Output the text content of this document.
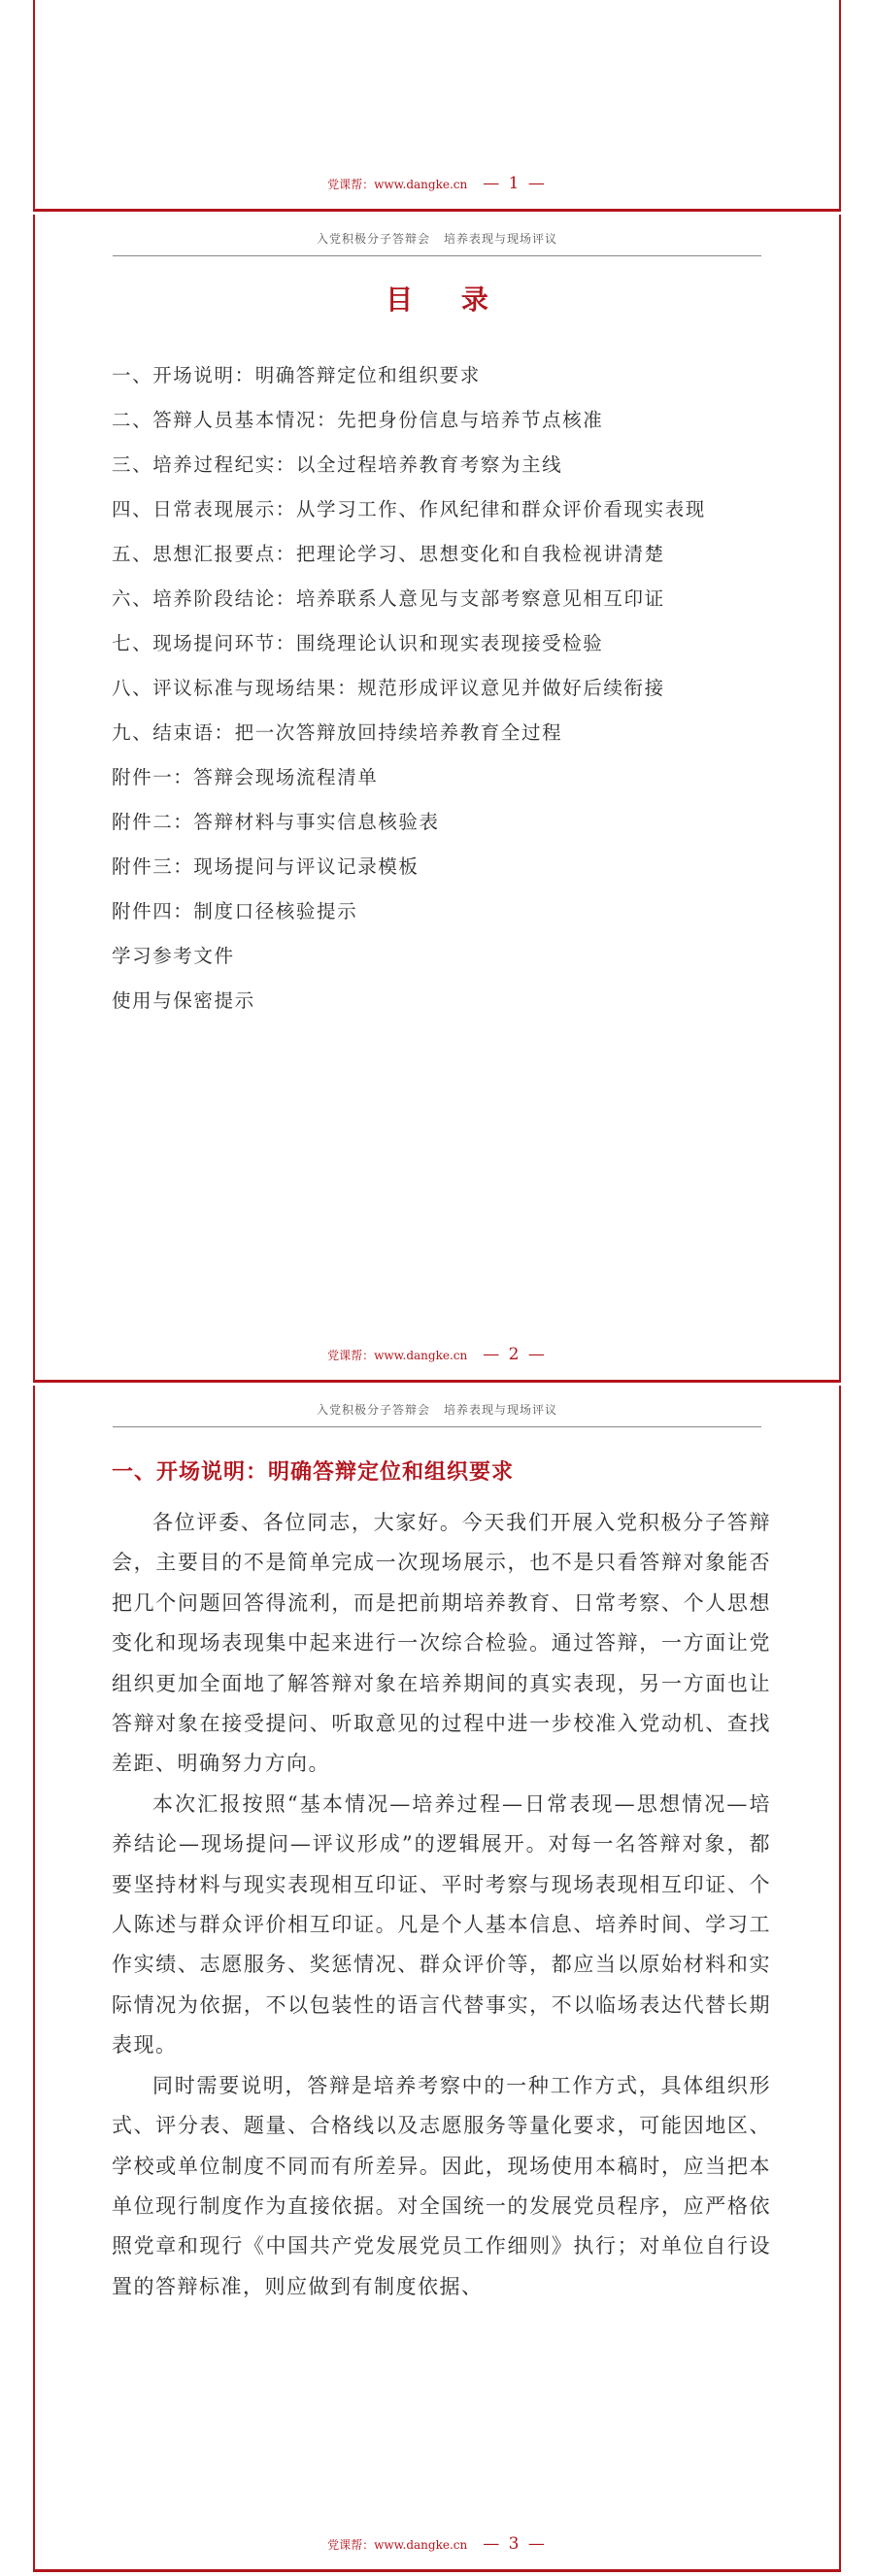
党课帮：www.dangke.cn — 1 —
入党积极分子答辩会 培养表现与现场评议
目 录
一、开场说明：明确答辩定位和组织要求
二、答辩人员基本情况：先把身份信息与培养节点核准
三、培养过程纪实：以全过程培养教育考察为主线
四、日常表现展示：从学习工作、作风纪律和群众评价看现实表现
五、思想汇报要点：把理论学习、思想变化和自我检视讲清楚
六、培养阶段结论：培养联系人意见与支部考察意见相互印证
七、现场提问环节：围绕理论认识和现实表现接受检验
八、评议标准与现场结果：规范形成评议意见并做好后续衔接
九、结束语：把一次答辩放回持续培养教育全过程
附件一：答辩会现场流程清单
附件二：答辩材料与事实信息核验表
附件三：现场提问与评议记录模板
附件四：制度口径核验提示
学习参考文件
使用与保密提示
党课帮：www.dangke.cn — 2 —
入党积极分子答辩会 培养表现与现场评议
一、开场说明：明确答辩定位和组织要求

各位评委、各位同志，大家好。今天我们开展入党积极分子答辩会，主要目的不是简单完成一次现场展示，也不是只看答辩对象能否把几个问题回答得流利，而是把前期培养教育、日常考察、个人思想变化和现场表现集中起来进行一次综合检验。通过答辩，一方面让党组织更加全面地了解答辩对象在培养期间的真实表现，另一方面也让答辩对象在接受提问、听取意见的过程中进一步校准入党动机、查找差距、明确努力方向。

本次汇报按照“基本情况—培养过程—日常表现—思想情况—培养结论—现场提问—评议形成”的逻辑展开。对每一名答辩对象，都要坚持材料与现实表现相互印证、平时考察与现场表现相互印证、个人陈述与群众评价相互印证。凡是个人基本信息、培养时间、学习工作实绩、志愿服务、奖惩情况、群众评价等，都应当以原始材料和实际情况为依据，不以包装性的语言代替事实，不以临场表达代替长期表现。

同时需要说明，答辩是培养考察中的一种工作方式，具体组织形式、评分表、题量、合格线以及志愿服务等量化要求，可能因地区、学校或单位制度不同而有所差异。因此，现场使用本稿时，应当把本单位现行制度作为直接依据。对全国统一的发展党员程序，应严格依照党章和现行《中国共产党发展党员工作细则》执行；对单位自行设置的答辩标准，则应做到有制度依据、

党课帮：www.dangke.cn — 3 —
